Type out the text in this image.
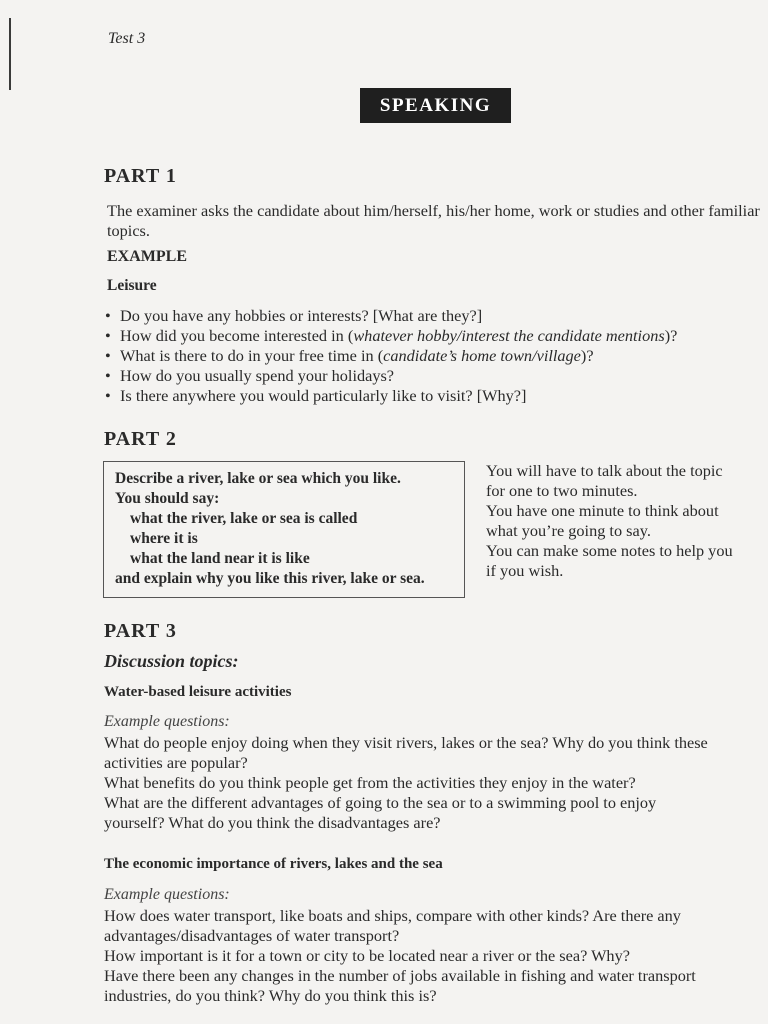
Test 3
SPEAKING
PART 1
The examiner asks the candidate about him/herself, his/her home, work or studies and other familiar topics.
EXAMPLE
Leisure
• Do you have any hobbies or interests? [What are they?]
• How did you become interested in (whatever hobby/interest the candidate mentions)?
• What is there to do in your free time in (candidate’s home town/village)?
• How do you usually spend your holidays?
• Is there anywhere you would particularly like to visit? [Why?]
PART 2
Describe a river, lake or sea which you like.
You should say:
what the river, lake or sea is called
where it is
what the land near it is like
and explain why you like this river, lake or sea.
You will have to talk about the topic
for one to two minutes.
You have one minute to think about
what you’re going to say.
You can make some notes to help you
if you wish.
PART 3
Discussion topics:
Water-based leisure activities
Example questions:
What do people enjoy doing when they visit rivers, lakes or the sea? Why do you think these
activities are popular?
What benefits do you think people get from the activities they enjoy in the water?
What are the different advantages of going to the sea or to a swimming pool to enjoy
yourself? What do you think the disadvantages are?
The economic importance of rivers, lakes and the sea
Example questions:
How does water transport, like boats and ships, compare with other kinds? Are there any
advantages/disadvantages of water transport?
How important is it for a town or city to be located near a river or the sea? Why?
Have there been any changes in the number of jobs available in fishing and water transport
industries, do you think? Why do you think this is?
